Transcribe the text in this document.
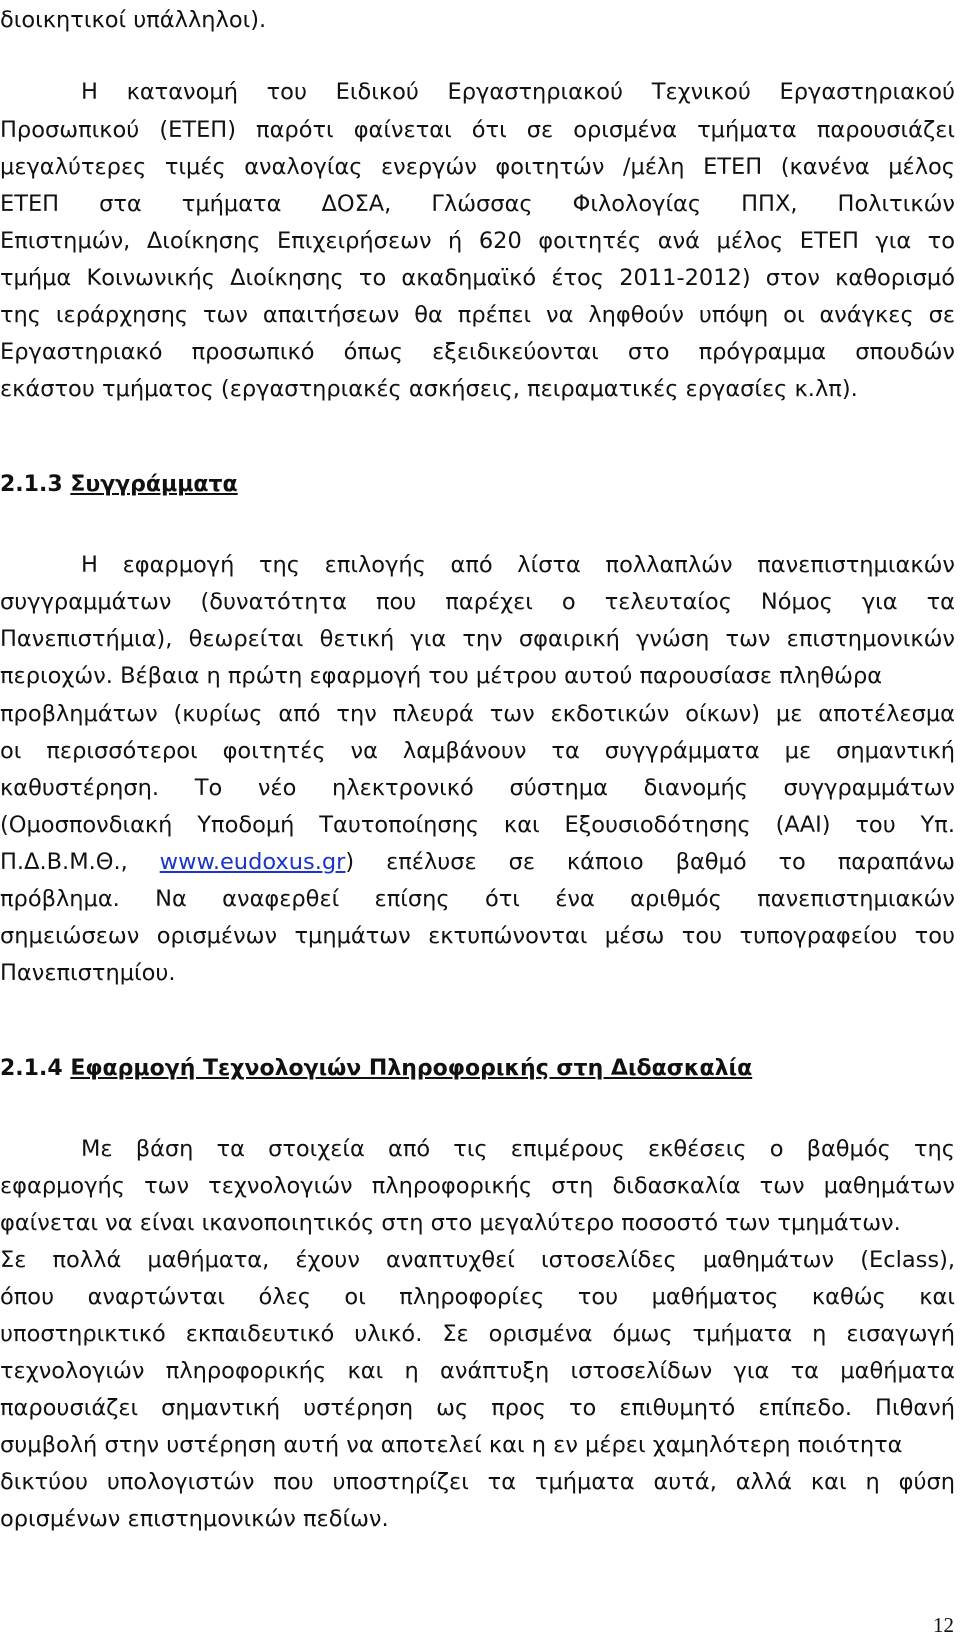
διοικητικοί υπάλληλοι).

Η κατανομή του Ειδικού Εργαστηριακού Τεχνικού Εργαστηριακού

Προσωπικού (ΕΤΕΠ) παρότι φαίνεται ότι σε ορισμένα τμήματα παρουσιάζει

μεγαλύτερες τιμές αναλογίας ενεργών φοιτητών /μέλη ΕΤΕΠ (κανένα μέλος

ΕΤΕΠ στα τμήματα ΔΟΣΑ, Γλώσσας Φιλολογίας ΠΠΧ, Πολιτικών

Επιστημών, Διοίκησης Επιχειρήσεων ή 620 φοιτητές ανά μέλος ΕΤΕΠ για το

τμήμα Κοινωνικής Διοίκησης το ακαδημαϊκό έτος 2011-2012) στον καθορισμό

της ιεράρχησης των απαιτήσεων θα πρέπει να ληφθούν υπόψη οι ανάγκες σε

Εργαστηριακό προσωπικό όπως εξειδικεύονται στο πρόγραμμα σπουδών

εκάστου τμήματος (εργαστηριακές ασκήσεις, πειραματικές εργασίες κ.λπ).

2.1.3 Συγγράμματα

Η εφαρμογή της επιλογής από λίστα πολλαπλών πανεπιστημιακών

συγγραμμάτων (δυνατότητα που παρέχει ο τελευταίος Νόμος για τα

Πανεπιστήμια), θεωρείται θετική για την σφαιρική γνώση των επιστημονικών

περιοχών. Βέβαια η πρώτη εφαρμογή του μέτρου αυτού παρουσίασε πληθώρα

προβλημάτων (κυρίως από την πλευρά των εκδοτικών οίκων) με αποτέλεσμα

οι περισσότεροι φοιτητές να λαμβάνουν τα συγγράμματα με σημαντική

καθυστέρηση. Το νέο ηλεκτρονικό σύστημα διανομής συγγραμμάτων

(Ομοσπονδιακή Υποδομή Ταυτοποίησης και Εξουσιοδότησης (ΑΑΙ) του Υπ.

Π.Δ.Β.Μ.Θ., www.eudoxus.gr) επέλυσε σε κάποιο βαθμό το παραπάνω

πρόβλημα. Να αναφερθεί επίσης ότι ένα αριθμός πανεπιστημιακών

σημειώσεων ορισμένων τμημάτων εκτυπώνονται μέσω του τυπογραφείου του

Πανεπιστημίου.

2.1.4 Εφαρμογή Τεχνολογιών Πληροφορικής στη Διδασκαλία

Με βάση τα στοιχεία από τις επιμέρους εκθέσεις ο βαθμός της

εφαρμογής των τεχνολογιών πληροφορικής στη διδασκαλία των μαθημάτων

φαίνεται να είναι ικανοποιητικός στη στο μεγαλύτερο ποσοστό των τμημάτων.

Σε πολλά μαθήματα, έχουν αναπτυχθεί ιστοσελίδες μαθημάτων (Eclass),

όπου αναρτώνται όλες οι πληροφορίες του μαθήματος καθώς και

υποστηρικτικό εκπαιδευτικό υλικό. Σε ορισμένα όμως τμήματα η εισαγωγή

τεχνολογιών πληροφορικής και η ανάπτυξη ιστοσελίδων για τα μαθήματα

παρουσιάζει σημαντική υστέρηση ως προς το επιθυμητό επίπεδο. Πιθανή

συμβολή στην υστέρηση αυτή να αποτελεί και η εν μέρει χαμηλότερη ποιότητα

δικτύου υπολογιστών που υποστηρίζει τα τμήματα αυτά, αλλά και η φύση

ορισμένων επιστημονικών πεδίων.

12
